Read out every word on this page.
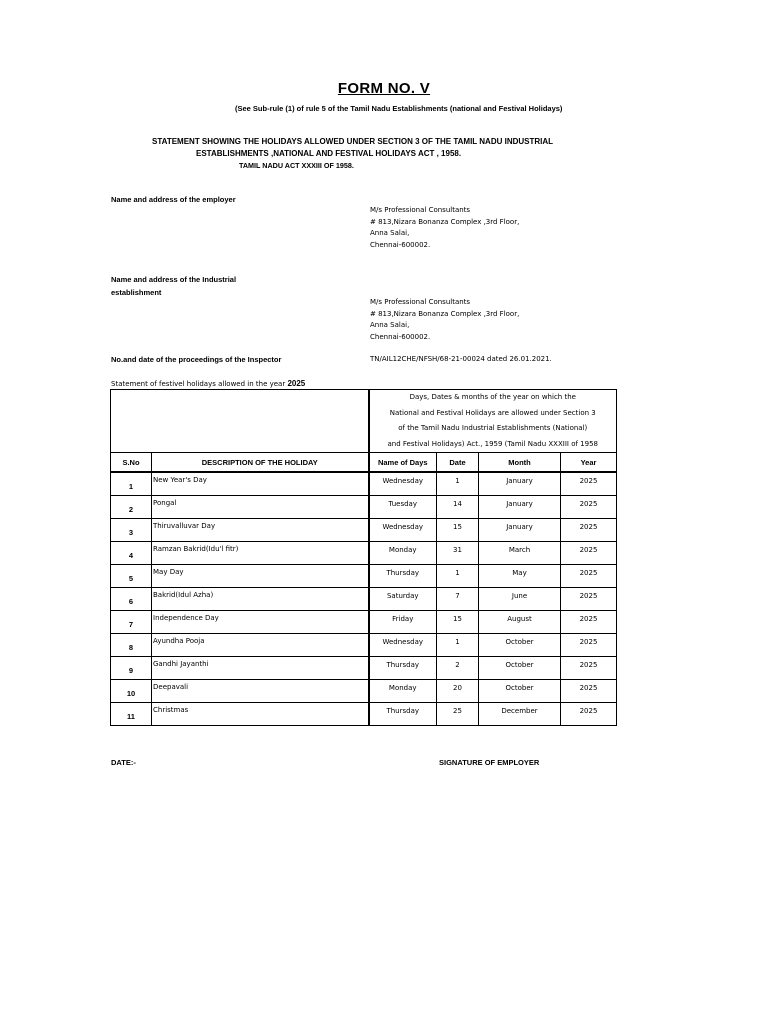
FORM NO. V
(See Sub-rule (1) of rule 5 of the Tamil Nadu Establishments (national and Festival Holidays)
STATEMENT SHOWING THE HOLIDAYS ALLOWED UNDER SECTION 3 OF THE TAMIL NADU INDUSTRIAL
ESTABLISHMENTS ,NATIONAL AND FESTIVAL HOLIDAYS ACT , 1958.
TAMIL NADU ACT XXXIII OF 1958.
Name and address of the employer
M/s Professional Consultants
# 813,Nizara Bonanza Complex ,3rd Floor,
Anna Salai,
Chennai-600002.
Name and address of the Industrial
establishment
M/s Professional Consultants
# 813,Nizara Bonanza Complex ,3rd Floor,
Anna Salai,
Chennai-600002.
No.and date of the proceedings of the Inspector	TN/AIL12CHE/NFSH/68-21-00024 dated 26.01.2021.
Statement of festivel holidays allowed in the year 2025

		Days, Dates & months of the year on which the
National and Festival Holidays are allowed under Section 3
of the Tamil Nadu Industrial Establishments (National)
and Festival Holidays) Act., 1959 (Tamil Nadu XXXIII of 1958			

S.No	DESCRIPTION OF THE HOLIDAY	Name of Days	Date	Month	Year
1	New Year's Day	Wednesday	1	January	2025
2	Pongal	Tuesday	14	January	2025
3	Thiruvalluvar Day	Wednesday	15	January	2025
4	Ramzan Bakrid(Idu'l fitr)	Monday	31	March	2025
5	May Day	Thursday	1	May	2025
6	Bakrid(Idul Azha)	Saturday	7	June	2025
7	Independence Day	Friday	15	August	2025
8	Ayundha Pooja	Wednesday	1	October	2025
9	Gandhi Jayanthi	Thursday	2	October	2025
10	Deepavali	Monday	20	October	2025
11	Christmas	Thursday	25	December	2025
DATE:-	SIGNATURE OF EMPLOYER
